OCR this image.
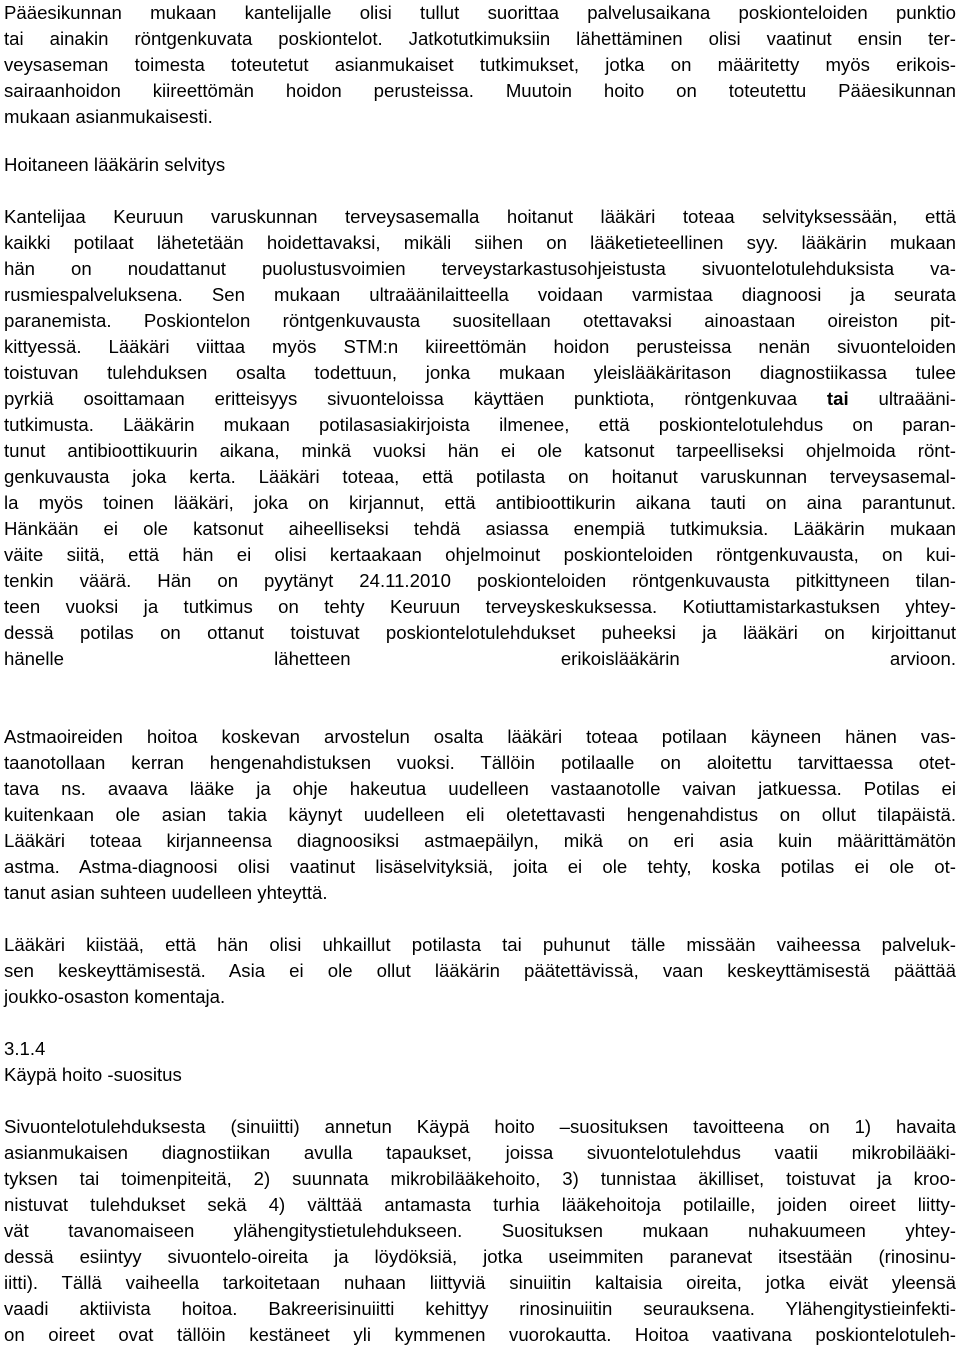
Pääesikunnan mukaan kantelijalle olisi tullut suorittaa palvelusaikana poskionteloiden punktio
tai ainakin röntgenkuvata poskiontelot. Jatkotutkimuksiin lähettäminen olisi vaatinut ensin ter-
veysaseman toimesta toteutetut asianmukaiset tutkimukset, jotka on määritetty myös erikois-
sairaanhoidon kiireettömän hoidon perusteissa. Muutoin hoito on toteutettu Pääesikunnan
mukaan asianmukaisesti.
Hoitaneen lääkärin selvitys
Kantelijaa Keuruun varuskunnan terveysasemalla hoitanut lääkäri toteaa selvityksessään, että
kaikki potilaat lähetetään hoidettavaksi, mikäli siihen on lääketieteellinen syy. lääkärin mukaan
hän on noudattanut puolustusvoimien terveystarkastusohjeistusta sivuontelotulehduksista va-
rusmiespalveluksena. Sen mukaan ultraäänilaitteella voidaan varmistaa diagnoosi ja seurata
paranemista. Poskiontelon röntgenkuvausta suositellaan otettavaksi ainoastaan oireiston pit-
kittyessä. Lääkäri viittaa myös STM:n kiireettömän hoidon perusteissa nenän sivuonteloiden
toistuvan tulehduksen osalta todettuun, jonka mukaan yleislääkäritason diagnostiikassa tulee
pyrkiä osoittamaan eritteisyys sivuonteloissa käyttäen punktiota, röntgenkuvaa tai ultraääni-
tutkimusta. Lääkärin mukaan potilasasiakirjoista ilmenee, että poskiontelotulehdus on paran-
tunut antibioottikuurin aikana, minkä vuoksi hän ei ole katsonut tarpeelliseksi ohjelmoida rönt-
genkuvausta joka kerta. Lääkäri toteaa, että potilasta on hoitanut varuskunnan terveysasemal-
la myös toinen lääkäri, joka on kirjannut, että antibioottikurin aikana tauti on aina parantunut.
Hänkään ei ole katsonut aiheelliseksi tehdä asiassa enempiä tutkimuksia. Lääkärin mukaan
väite siitä, että hän ei olisi kertaakaan ohjelmoinut poskionteloiden röntgenkuvausta, on kui-
tenkin väärä. Hän on pyytänyt 24.11.2010 poskionteloiden röntgenkuvausta pitkittyneen tilan-
teen vuoksi ja tutkimus on tehty Keuruun terveyskeskuksessa. Kotiuttamistarkastuksen yhtey-
dessä potilas on ottanut toistuvat poskiontelotulehdukset puheeksi ja lääkäri on kirjoittanut
hänelle lähetteen erikoislääkärin arvioon.
Astmaoireiden hoitoa koskevan arvostelun osalta lääkäri toteaa potilaan käyneen hänen vas-
taanotollaan kerran hengenahdistuksen vuoksi. Tällöin potilaalle on aloitettu tarvittaessa otet-
tava ns. avaava lääke ja ohje hakeutua uudelleen vastaanotolle vaivan jatkuessa. Potilas ei
kuitenkaan ole asian takia käynyt uudelleen eli oletettavasti hengenahdistus on ollut tilapäistä.
Lääkäri toteaa kirjanneensa diagnoosiksi astmaepäilyn, mikä on eri asia kuin määrittämätön
astma. Astma-diagnoosi olisi vaatinut lisäselvityksiä, joita ei ole tehty, koska potilas ei ole ot-
tanut asian suhteen uudelleen yhteyttä.
Lääkäri kiistää, että hän olisi uhkaillut potilasta tai puhunut tälle missään vaiheessa palveluk-
sen keskeyttämisestä. Asia ei ole ollut lääkärin päätettävissä, vaan keskeyttämisestä päättää
joukko-osaston komentaja.
3.1.4
Käypä hoito -suositus
Sivuontelotulehduksesta (sinuiitti) annetun Käypä hoito –suosituksen tavoitteena on 1) havaita
asianmukaisen diagnostiikan avulla tapaukset, joissa sivuontelotulehdus vaatii mikrobilääki-
tyksen tai toimenpiteitä, 2) suunnata mikrobilääkehoito, 3) tunnistaa äkilliset, toistuvat ja kroo-
nistuvat tulehdukset sekä 4) välttää antamasta turhia lääkehoitoja potilaille, joiden oireet liitty-
vät tavanomaiseen ylähengitystietulehdukseen. Suosituksen mukaan nuhakuumeen yhtey-
dessä esiintyy sivuontelo-oireita ja löydöksiä, jotka useimmiten paranevat itsestään (rinosinu-
iitti). Tällä vaiheella tarkoitetaan nuhaan liittyviä sinuiitin kaltaisia oireita, jotka eivät yleensä
vaadi aktiivista hoitoa. Bakreerisinuiitti kehittyy rinosinuiitin seurauksena. Ylähengitystieinfekti-
on oireet ovat tällöin kestäneet yli kymmenen vuorokautta. Hoitoa vaativana poskiontelotuleh-
